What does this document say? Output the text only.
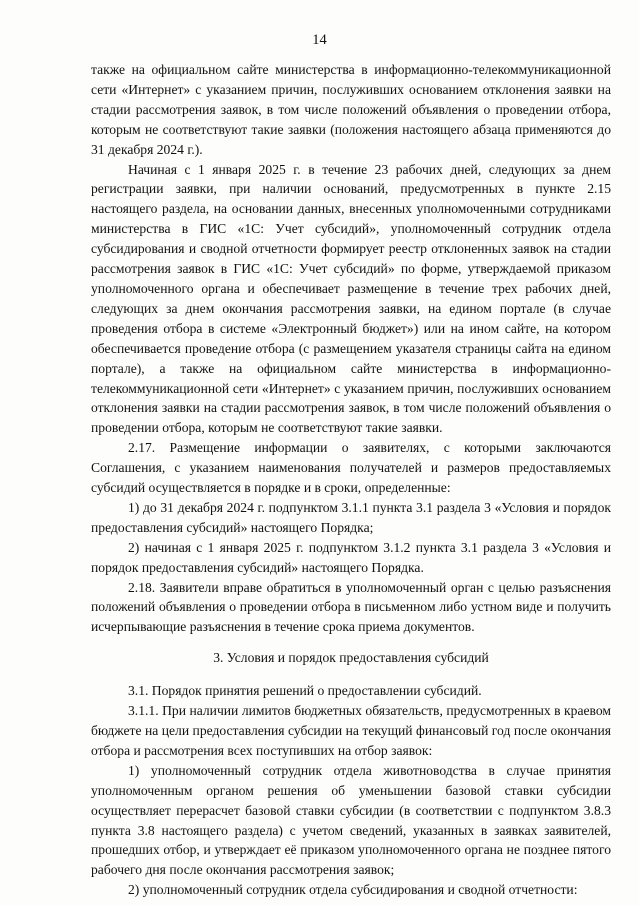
14

также на официальном сайте министерства в информационно-телекоммуникационной сети «Интернет» с указанием причин, послуживших основанием отклонения заявки на стадии рассмотрения заявок, в том числе положений объявления о проведении отбора, которым не соответствуют такие заявки (положения настоящего абзаца применяются до 31 декабря 2024 г.).

Начиная с 1 января 2025 г. в течение 23 рабочих дней, следующих за днем регистрации заявки, при наличии оснований, предусмотренных в пункте 2.15 настоящего раздела, на основании данных, внесенных уполномоченными сотрудниками министерства в ГИС «1С: Учет субсидий», уполномоченный сотрудник отдела субсидирования и сводной отчетности формирует реестр отклоненных заявок на стадии рассмотрения заявок в ГИС «1С: Учет субсидий» по форме, утверждаемой приказом уполномоченного органа и обеспечивает размещение в течение трех рабочих дней, следующих за днем окончания рассмотрения заявки, на едином портале (в случае проведения отбора в системе «Электронный бюджет») или на ином сайте, на котором обеспечивается проведение отбора (с размещением указателя страницы сайта на едином портале), а также на официальном сайте министерства в информационно-телекоммуникационной сети «Интернет» с указанием причин, послуживших основанием отклонения заявки на стадии рассмотрения заявок, в том числе положений объявления о проведении отбора, которым не соответствуют такие заявки.

2.17. Размещение информации о заявителях, с которыми заключаются Соглашения, с указанием наименования получателей и размеров предоставляемых субсидий осуществляется в порядке и в сроки, определенные:

1) до 31 декабря 2024 г. подпунктом 3.1.1 пункта 3.1 раздела 3 «Условия и порядок предоставления субсидий» настоящего Порядка;

2) начиная с 1 января 2025 г. подпунктом 3.1.2 пункта 3.1 раздела 3 «Условия и порядок предоставления субсидий» настоящего Порядка.

2.18. Заявители вправе обратиться в уполномоченный орган с целью разъяснения положений объявления о проведении отбора в письменном либо устном виде и получить исчерпывающие разъяснения в течение срока приема документов.

3. Условия и порядок предоставления субсидий

3.1. Порядок принятия решений о предоставлении субсидий.

3.1.1. При наличии лимитов бюджетных обязательств, предусмотренных в краевом бюджете на цели предоставления субсидии на текущий финансовый год после окончания отбора и рассмотрения всех поступивших на отбор заявок:

1) уполномоченный сотрудник отдела животноводства в случае принятия уполномоченным органом решения об уменьшении базовой ставки субсидии осуществляет перерасчет базовой ставки субсидии (в соответствии с подпунктом 3.8.3 пункта 3.8 настоящего раздела) с учетом сведений, указанных в заявках заявителей, прошедших отбор, и утверждает её приказом уполномоченного органа не позднее пятого рабочего дня после окончания рассмотрения заявок;

2) уполномоченный сотрудник отдела субсидирования и сводной отчетности:
